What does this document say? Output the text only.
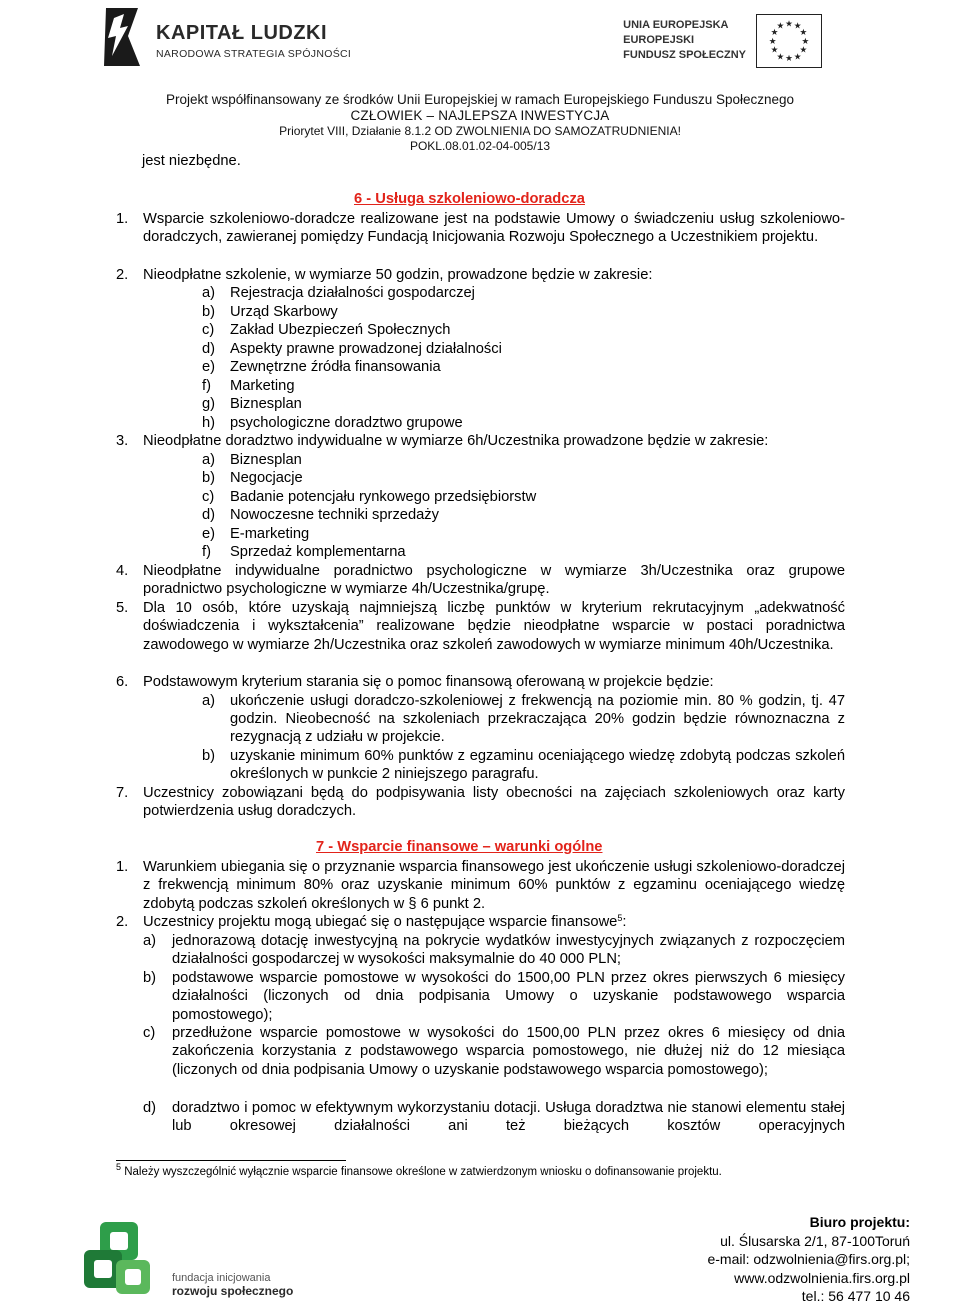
KAPITAŁ LUDZKI
NARODOWA STRATEGIA SPÓJNOŚCI
UNIA EUROPEJSKA
EUROPEJSKI
FUNDUSZ SPOŁECZNY
★ ★
★
★
★
★
★
★
★
★
★
★
Projekt współfinansowany ze środków Unii Europejskiej w ramach Europejskiego Funduszu Społecznego
CZŁOWIEK – NAJLEPSZA INWESTYCJA
Priorytet VIII, Działanie 8.1.2 OD ZWOLNIENIA DO SAMOZATRUDNIENIA!
POKL.08.01.02-04-005/13
jest niezbędne.
6 - Usługa szkoleniowo-doradcza
1. Wsparcie szkoleniowo-doradcze realizowane jest na podstawie Umowy o świadczeniu usług szkoleniowo-doradczych, zawieranej pomiędzy Fundacją Inicjowania Rozwoju Społecznego a Uczestnikiem projektu.
2. Nieodpłatne szkolenie, w wymiarze 50 godzin, prowadzone będzie w zakresie:
a) Rejestracja działalności gospodarczej
b) Urząd Skarbowy
c) Zakład Ubezpieczeń Społecznych
d) Aspekty prawne prowadzonej działalności
e) Zewnętrzne źródła finansowania
f) Marketing
g) Biznesplan
h) psychologiczne doradztwo grupowe
3. Nieodpłatne doradztwo indywidualne w wymiarze 6h/Uczestnika prowadzone będzie w zakresie:
a) Biznesplan
b) Negocjacje
c) Badanie potencjału rynkowego przedsiębiorstw
d) Nowoczesne techniki sprzedaży
e) E-marketing
f) Sprzedaż komplementarna
4. Nieodpłatne indywidualne poradnictwo psychologiczne w wymiarze 3h/Uczestnika oraz grupowe poradnictwo psychologiczne w wymiarze 4h/Uczestnika/grupę.
5. Dla 10 osób, które uzyskają najmniejszą liczbę punktów w kryterium rekrutacyjnym „adekwatność doświadczenia i wykształcenia” realizowane będzie nieodpłatne wsparcie w postaci poradnictwa zawodowego w wymiarze 2h/Uczestnika oraz szkoleń zawodowych w wymiarze minimum 40h/Uczestnika.
6. Podstawowym kryterium starania się o pomoc finansową oferowaną w projekcie będzie:
a) ukończenie usługi doradczo-szkoleniowej z frekwencją na poziomie min. 80 % godzin, tj. 47 godzin. Nieobecność na szkoleniach przekraczająca 20% godzin będzie równoznaczna z rezygnacją z udziału w projekcie.
b) uzyskanie minimum 60% punktów z egzaminu oceniającego wiedzę zdobytą podczas szkoleń określonych w punkcie 2 niniejszego paragrafu.
7. Uczestnicy zobowiązani będą do podpisywania listy obecności na zajęciach szkoleniowych oraz karty potwierdzenia usług doradczych.
7 - Wsparcie finansowe – warunki ogólne
1. Warunkiem ubiegania się o przyznanie wsparcia finansowego jest ukończenie usługi szkoleniowo-doradczej z frekwencją minimum 80% oraz uzyskanie minimum 60% punktów z egzaminu oceniającego wiedzę zdobytą podczas szkoleń określonych w § 6 punkt 2.
2. Uczestnicy projektu mogą ubiegać się o następujące wsparcie finansowe$^5$:
a) jednorazową dotację inwestycyjną na pokrycie wydatków inwestycyjnych związanych z rozpoczęciem działalności gospodarczej w wysokości maksymalnie do 40 000 PLN;
b) podstawowe wsparcie pomostowe w wysokości do 1500,00 PLN przez okres pierwszych 6 miesięcy działalności (liczonych od dnia podpisania Umowy o uzyskanie podstawowego wsparcia pomostowego);
c) przedłużone wsparcie pomostowe w wysokości do 1500,00 PLN przez okres 6 miesięcy od dnia zakończenia korzystania z podstawowego wsparcia pomostowego, nie dłużej niż do 12 miesiąca (liczonych od dnia podpisania Umowy o uzyskanie podstawowego wsparcia pomostowego);
d) doradztwo i pomoc w efektywnym wykorzystaniu dotacji. Usługa doradztwa nie stanowi elementu stałej lub okresowej działalności ani też bieżących kosztów operacyjnych
$^5$ Należy wyszczególnić wyłącznie wsparcie finansowe określone w zatwierdzonym wniosku o dofinansowanie projektu.
fundacja inicjowania
rozwoju społecznego
Biuro projektu:
ul. Ślusarska 2/1, 87-100Toruń
e-mail: odzwolnienia@firs.org.pl;
www.odzwolnienia.firs.org.pl
tel.: 56 477 10 46
